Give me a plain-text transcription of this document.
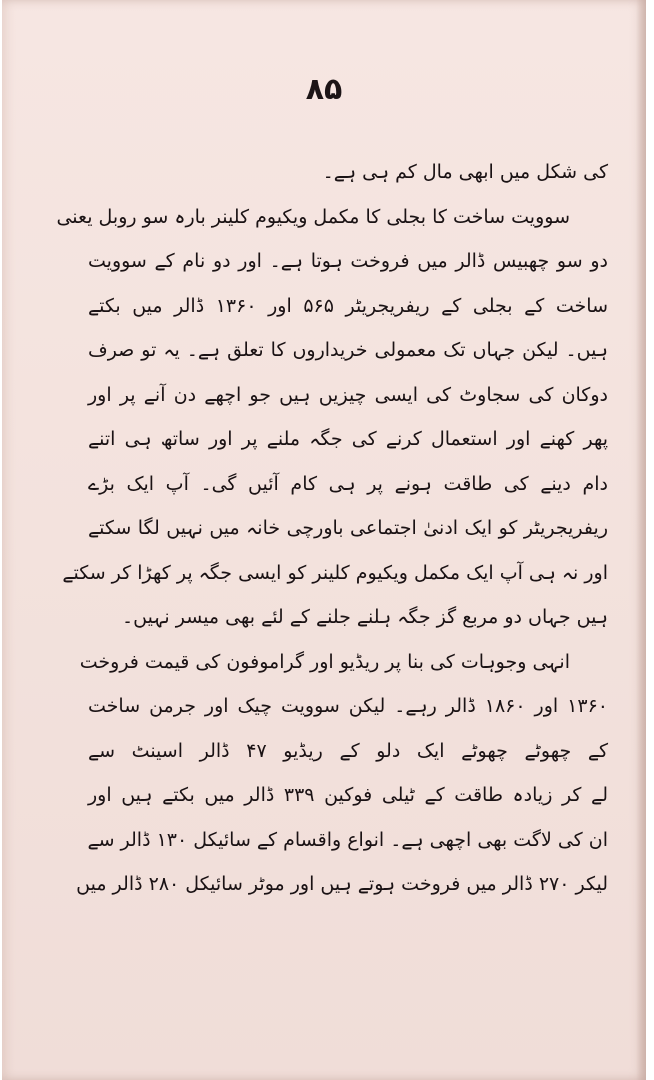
۸۵
کی شکل میں ابھی مال کم ہی ہے۔
سوویت ساخت کا بجلی کا مکمل ویکیوم کلینر بارہ سو روبل یعنی
دو سو چھبیس ڈالر میں فروخت ہوتا ہے۔ اور دو نام کے سوویت
ساخت کے بجلی کے ریفریجریٹر ۵۶۵ اور ۱۳۶۰ ڈالر میں بکتے
ہیں۔ لیکن جہاں تک معمولی خریداروں کا تعلق ہے۔ یہ تو صرف
دوکان کی سجاوٹ کی ایسی چیزیں ہیں جو اچھے دن آنے پر اور
پھر کھنے اور استعمال کرنے کی جگہ ملنے پر اور ساتھ ہی اتنے
دام دینے کی طاقت ہونے پر ہی کام آئیں گی۔ آپ ایک بڑے
ریفریجریٹر کو ایک ادنیٰ اجتماعی باورچی خانہ میں نہیں لگا سکتے
اور نہ ہی آپ ایک مکمل ویکیوم کلینر کو ایسی جگہ پر کھڑا کر سکتے
ہیں جہاں دو مربع گز جگہ ہلنے جلنے کے لئے بھی میسر نہیں۔
انہی وجوہات کی بنا پر ریڈیو اور گراموفون کی قیمت فروخت
۱۳۶۰ اور ۱۸۶۰ ڈالر رہے۔ لیکن سوویت چیک اور جرمن ساخت
کے چھوٹے چھوٹے ایک دلو کے ریڈیو ۴۷ ڈالر اسینٹ سے
لے کر زیادہ طاقت کے ٹیلی فوکین ۳۳۹ ڈالر میں بکتے ہیں اور
ان کی لاگت بھی اچھی ہے۔ انواع واقسام کے سائیکل ۱۳۰ ڈالر سے
لیکر ۲۷۰ ڈالر میں فروخت ہوتے ہیں اور موٹر سائیکل ۲۸۰ ڈالر میں
